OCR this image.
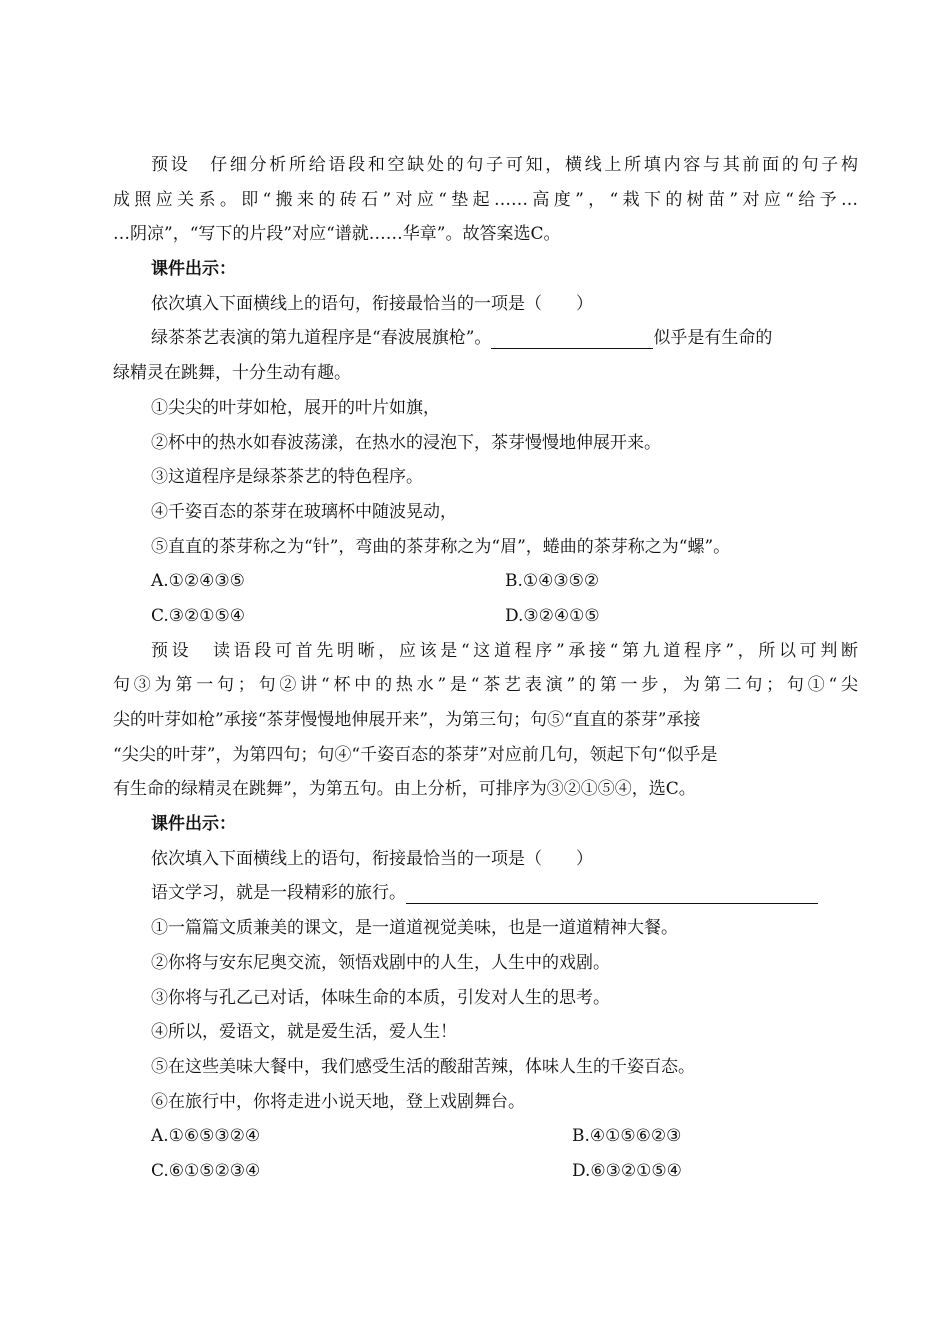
预设　仔细分析所给语段和空缺处的句子可知，横线上所填内容与其前面的句子构
成照应关系。即“搬来的砖石”对应“垫起……高度”，“栽下的树苗”对应“给予…
…阴凉”，“写下的片段”对应“谱就……华章”。故答案选C。
课件出示：
依次填入下面横线上的语句，衔接最恰当的一项是（　　）
绿茶茶艺表演的第九道程序是“春波展旗枪”。	似乎是有生命的
绿精灵在跳舞，十分生动有趣。
①尖尖的叶芽如枪，展开的叶片如旗，
②杯中的热水如春波荡漾，在热水的浸泡下，茶芽慢慢地伸展开来。
③这道程序是绿茶茶艺的特色程序。
④千姿百态的茶芽在玻璃杯中随波晃动，
⑤直直的茶芽称之为“针”，弯曲的茶芽称之为“眉”，蜷曲的茶芽称之为“螺”。
A.①②④③⑤	B.①④③⑤②
C.③②①⑤④	D.③②④①⑤
预设　读语段可首先明晰，应该是“这道程序”承接“第九道程序”，所以可判断
句③为第一句；句②讲“杯中的热水”是“茶艺表演”的第一步，为第二句；句①“尖
尖的叶芽如枪”承接“茶芽慢慢地伸展开来”，为第三句；句⑤“直直的茶芽”承接
“尖尖的叶芽”，为第四句；句④“千姿百态的茶芽”对应前几句，领起下句“似乎是
有生命的绿精灵在跳舞”，为第五句。由上分析，可排序为③②①⑤④，选C。
课件出示：
依次填入下面横线上的语句，衔接最恰当的一项是（　　）
语文学习，就是一段精彩的旅行。
①一篇篇文质兼美的课文，是一道道视觉美味，也是一道道精神大餐。
②你将与安东尼奥交流，领悟戏剧中的人生，人生中的戏剧。
③你将与孔乙己对话，体味生命的本质，引发对人生的思考。
④所以，爱语文，就是爱生活，爱人生！
⑤在这些美味大餐中，我们感受生活的酸甜苦辣，体味人生的千姿百态。
⑥在旅行中，你将走进小说天地，登上戏剧舞台。
A.①⑥⑤③②④	B.④①⑤⑥②③
C.⑥①⑤②③④	D.⑥③②①⑤④
